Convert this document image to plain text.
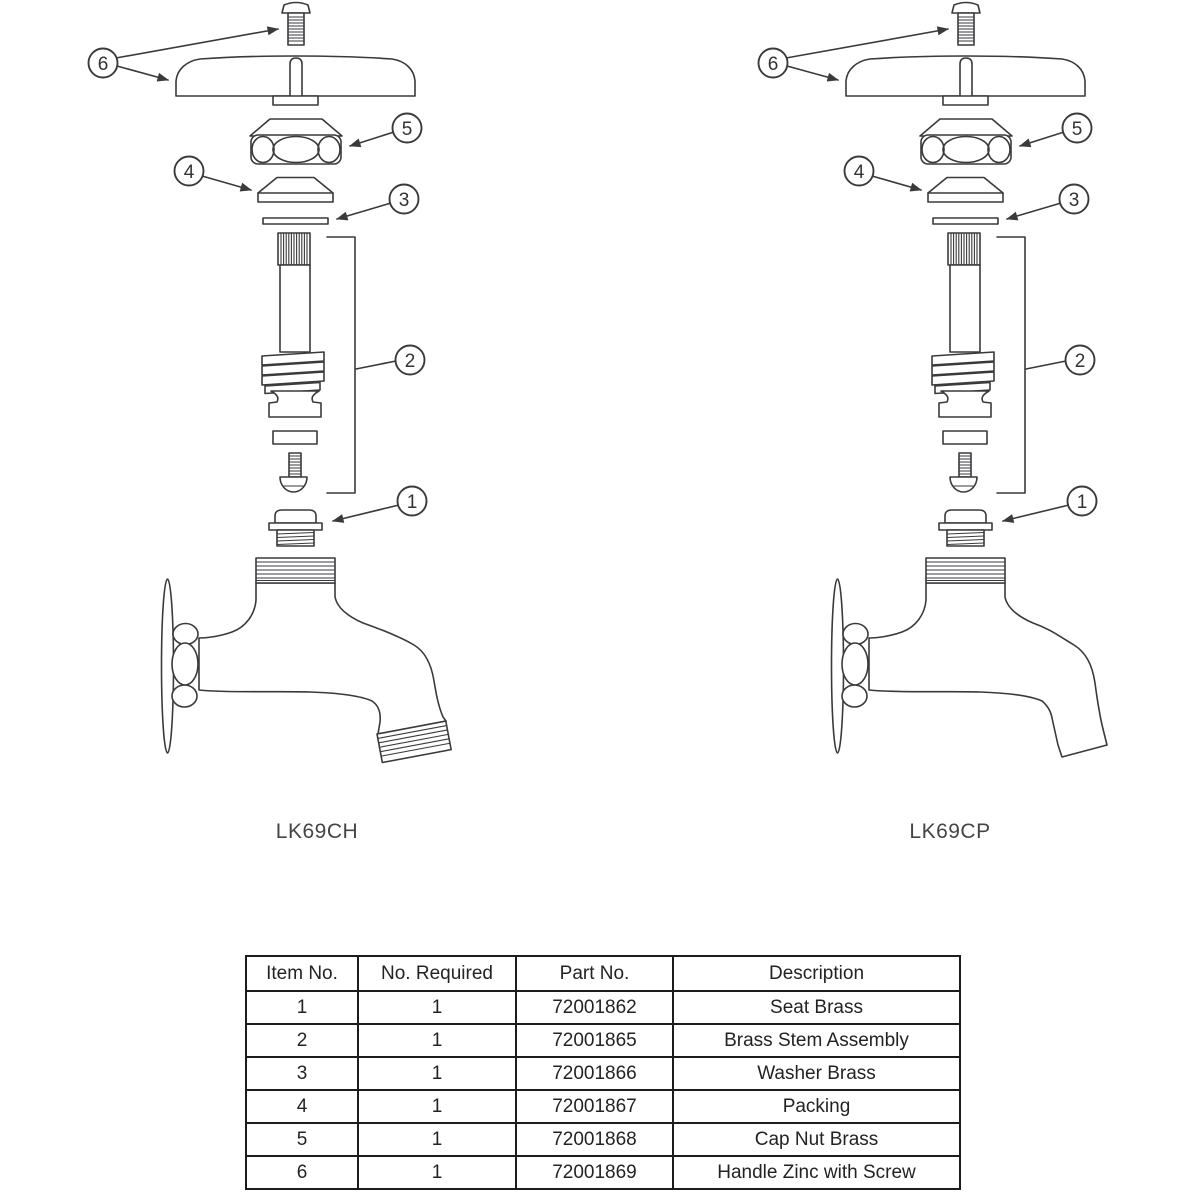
6
5
4
3
2
1
6
5
4
3
2
1
LK69CH	LK69CP
Item No.	No. Required	Part No.	Description
1	1	72001862	Seat Brass
2	1	72001865	Brass Stem Assembly
3	1	72001866	Washer Brass
4	1	72001867	Packing
5	1	72001868	Cap Nut Brass
6	1	72001869	Handle Zinc with Screw
